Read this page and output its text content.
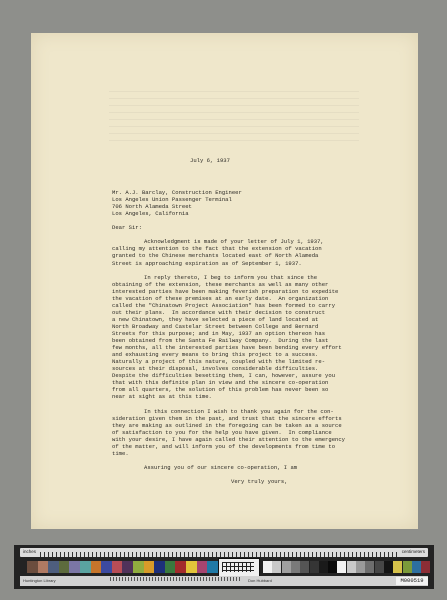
July 6, 1937

Mr. A.J. Barclay, Construction Engineer
Los Angeles Union Passenger Terminal
706 North Alameda Street
Los Angeles, California
Dear Sir:
Acknowledgment is made of your letter of July 1, 1937,
calling my attention to the fact that the extension of vacation
granted to the Chinese merchants located east of North Alameda
Street is approaching expiration as of September 1, 1937.
In reply thereto, I beg to inform you that since the
obtaining of the extension, these merchants as well as many other
interested parties have been making feverish preparation to expedite
the vacation of these premises at an early date.  An organization
called the "Chinatown Project Association" has been formed to carry
out their plans.  In accordance with their decision to construct
a new Chinatown, they have selected a piece of land located at
North Broadway and Castelar Street between College and Bernard
Streets for this purpose; and in May, 1937 an option thereon has
been obtained from the Santa Fe Railway Company.  During the last
few months, all the interested parties have been bending every effort
and exhausting every means to bring this project to a success.
Naturally a project of this nature, coupled with the limited re-
sources at their disposal, involves considerable difficulties.
Despite the difficulties besetting them, I can, however, assure you
that with this definite plan in view and the sincere co-operation
from all quarters, the solution of this problem has never been so
near at sight as at this time.
In this connection I wish to thank you again for the con-
sideration given them in the past, and trust that the sincere efforts
they are making as outlined in the foregoing can be taken as a source
of satisfaction to you for the help you have given.  In compliance
with your desire, I have again called their attention to the emergency
of the matter, and will inform you of the developments from time to
time.
Assuring you of our sincere co-operation, I am
Very truly yours,
inches	centimeters
Huntington Library	Don Hubbard	M000519
